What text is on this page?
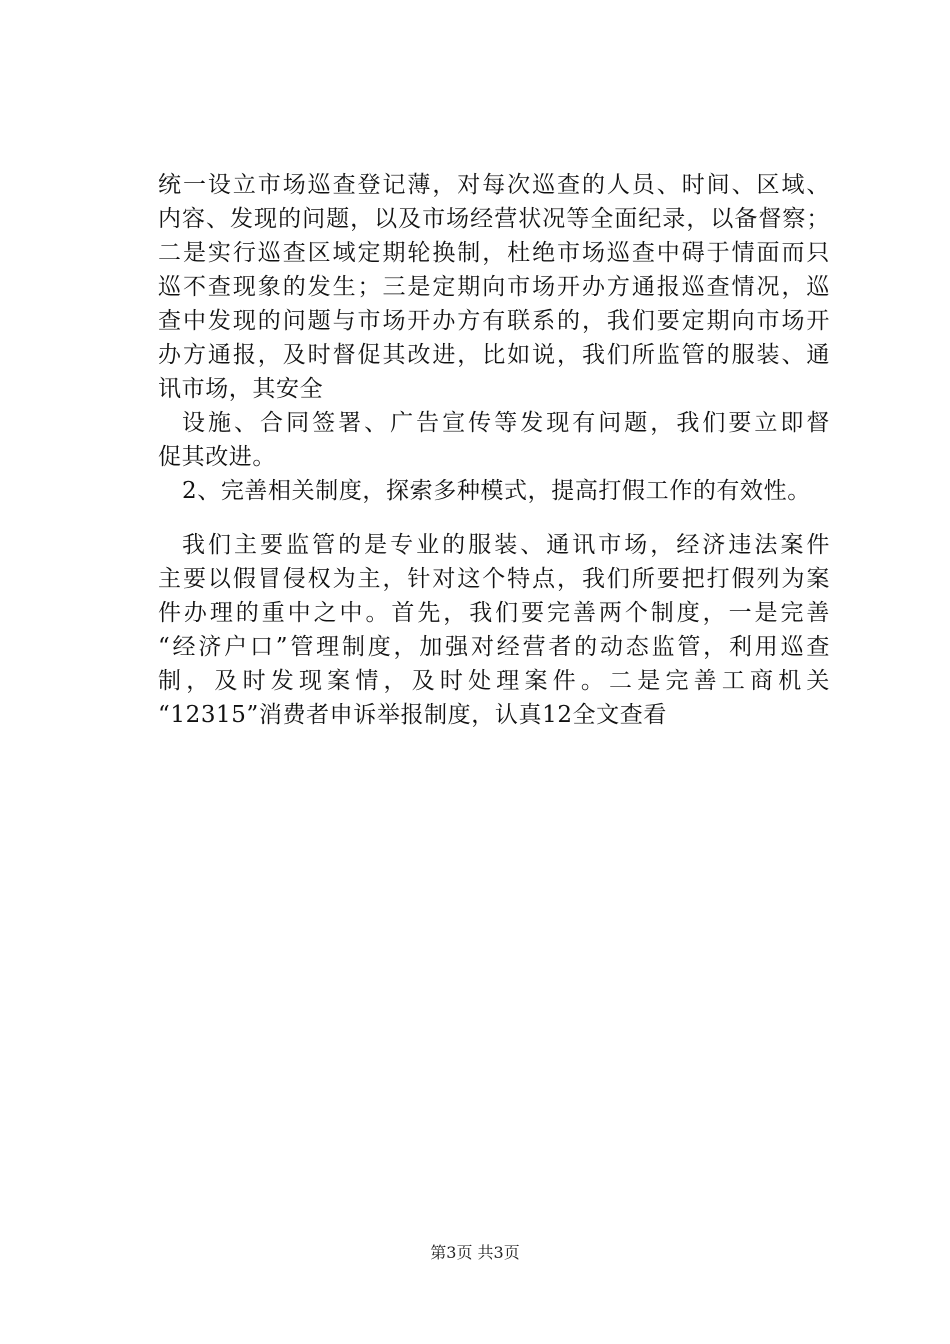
统一设立市场巡查登记薄，对每次巡查的人员、时间、区域、
内容、发现的问题，以及市场经营状况等全面纪录，以备督察；
二是实行巡查区域定期轮换制，杜绝市场巡查中碍于情面而只
巡不查现象的发生；三是定期向市场开办方通报巡查情况，巡
查中发现的问题与市场开办方有联系的，我们要定期向市场开
办方通报，及时督促其改进，比如说，我们所监管的服装、通
讯市场，其安全
设施、合同签署、广告宣传等发现有问题，我们要立即督
促其改进。
2、完善相关制度，探索多种模式，提高打假工作的有效性。
我们主要监管的是专业的服装、通讯市场，经济违法案件
主要以假冒侵权为主，针对这个特点，我们所要把打假列为案
件办理的重中之中。首先，我们要完善两个制度，一是完善
“经济户口”管理制度，加强对经营者的动态监管，利用巡查
制，及时发现案情，及时处理案件。二是完善工商机关
“12315”消费者申诉举报制度，认真12全文查看
第3页 共3页
